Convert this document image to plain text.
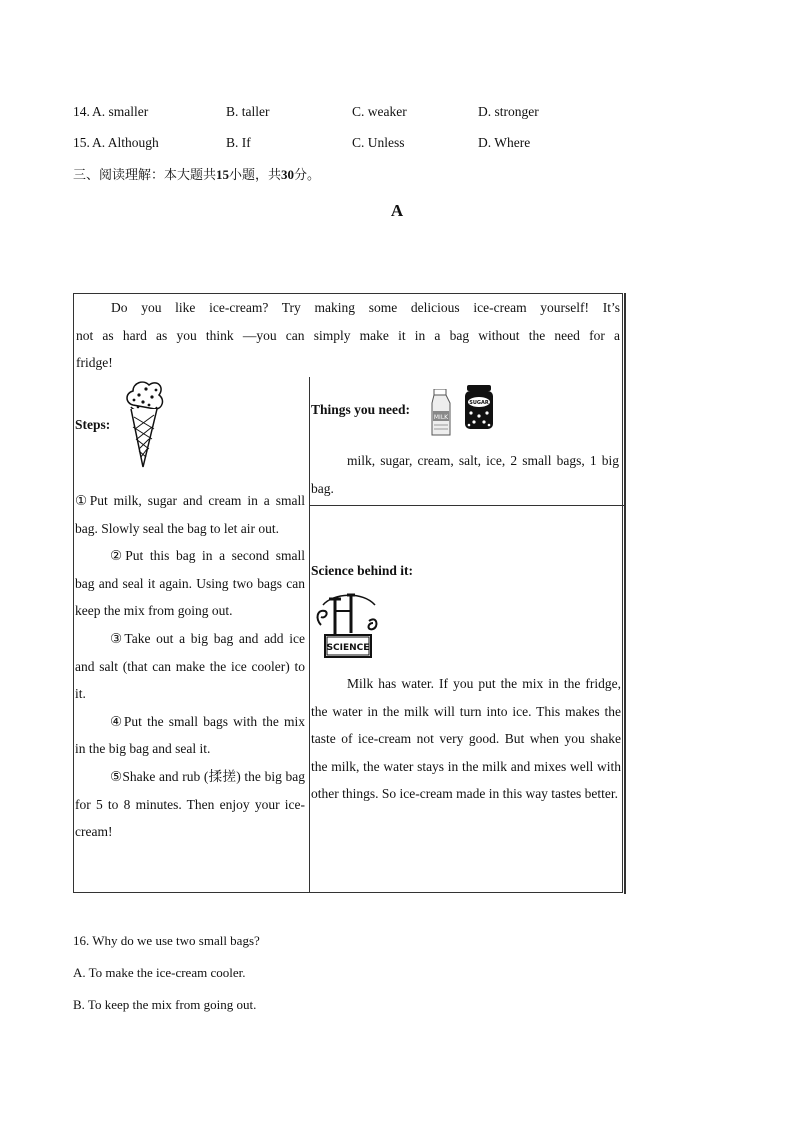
14. A. smaller	B. taller	C. weaker	D. stronger
15. A. Although	B. If	C. Unless	D. Where
三、阅读理解：本大题共15小题，共30分。
A
Do you like ice-cream? Try making some delicious ice-cream yourself! It’s
not as hard as you think —you can simply make it in a bag without the need for a
fridge!
Steps:
①Put milk, sugar and cream in a small bag. Slowly seal the bag to let air out.
②Put this bag in a second small bag and seal it again. Using two bags can keep the mix from going out.
③Take out a big bag and add ice and salt (that can make the ice cooler) to it.
④Put the small bags with the mix in the big bag and seal it.
⑤Shake and rub (揉搓) the big bag for 5 to 8 minutes. Then enjoy your ice-cream!
Things you need:
MILK
SUGAR
milk, sugar, cream, salt, ice, 2 small bags, 1 big bag.
Science behind it:
SCIENCE
Milk has water. If you put the mix in the fridge, the water in the milk will turn into ice. This makes the taste of ice-cream not very good. But when you shake the milk, the water stays in the milk and mixes well with other things. So ice-cream made in this way tastes better.
16. Why do we use two small bags?
A. To make the ice-cream cooler.
B. To keep the mix from going out.
